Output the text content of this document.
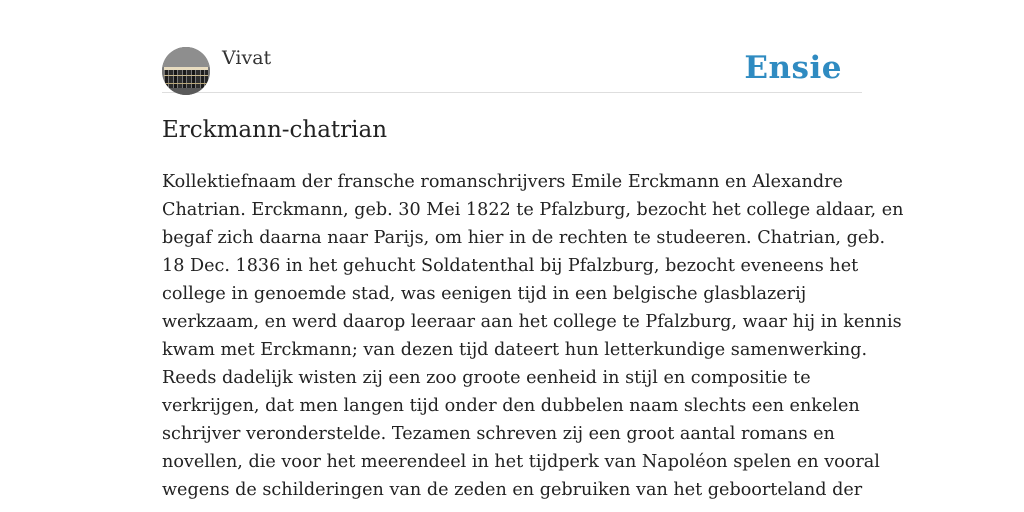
Vivat	Ensie
Erckmann-chatrian

Kollektiefnaam der fransche romanschrijvers Emile Erckmann en Alexandre
Chatrian. Erckmann, geb. 30 Mei 1822 te Pfalzburg, bezocht het college aldaar, en
begaf zich daarna naar Parijs, om hier in de rechten te studeeren. Chatrian, geb.
18 Dec. 1836 in het gehucht Soldatenthal bij Pfalzburg, bezocht eveneens het
college in genoemde stad, was eenigen tijd in een belgische glasblazerij
werkzaam, en werd daarop leeraar aan het college te Pfalzburg, waar hij in kennis
kwam met Erckmann; van dezen tijd dateert hun letterkundige samenwerking.
Reeds dadelijk wisten zij een zoo groote eenheid in stijl en compositie te
verkrijgen, dat men langen tijd onder den dubbelen naam slechts een enkelen
schrijver veronderstelde. Tezamen schreven zij een groot aantal romans en
novellen, die voor het meerendeel in het tijdperk van Napoléon spelen en vooral
wegens de schilderingen van de zeden en gebruiken van het geboorteland der
